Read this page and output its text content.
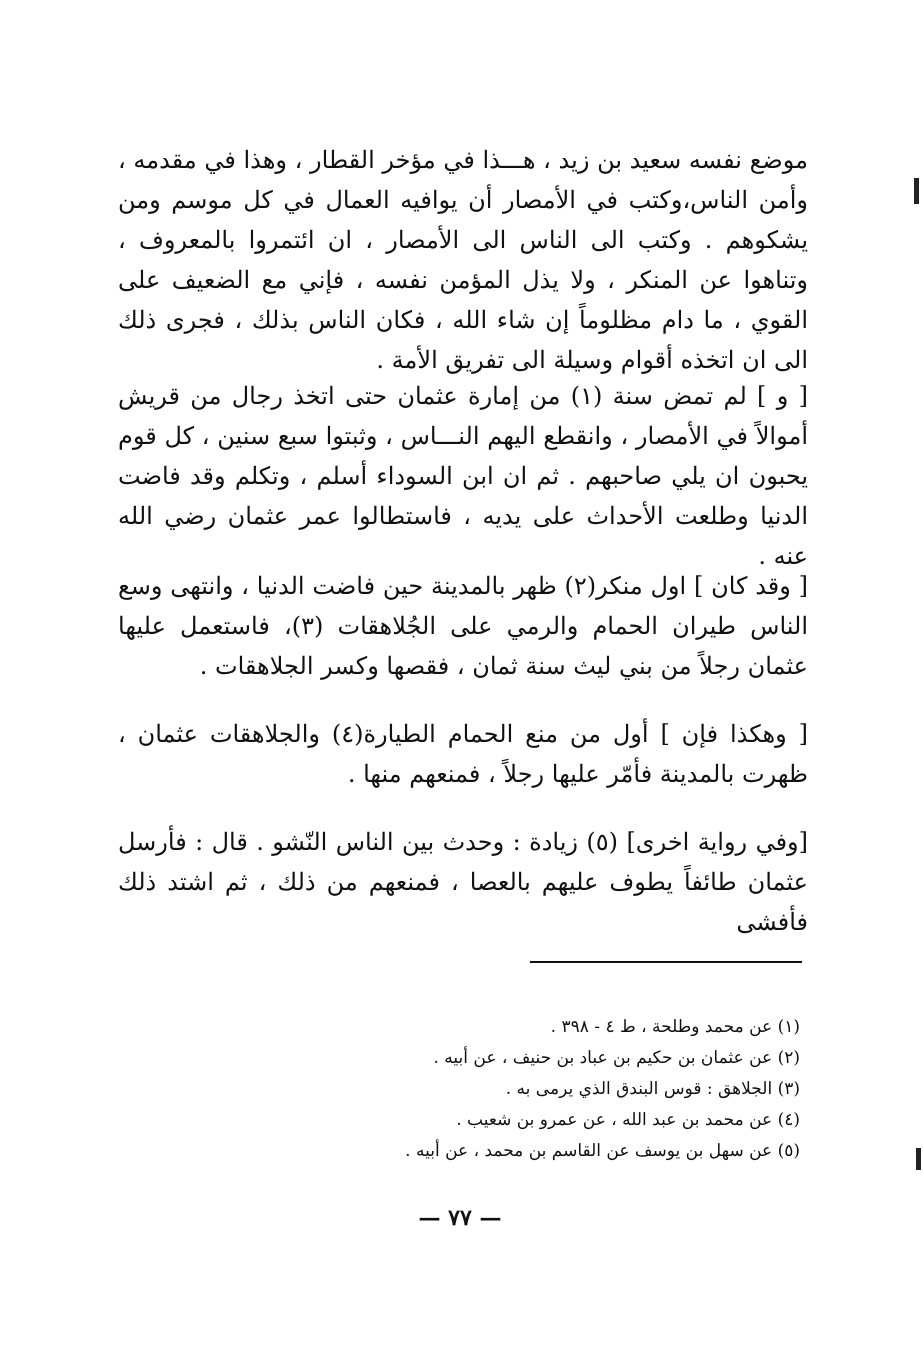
موضع نفسه سعيد بن زيد ، هـــذا في مؤخر القطار ، وهذا في مقدمه ، وأمن الناس،وكتب في الأمصار أن يوافيه العمال في كل موسم ومن يشكوهم . وكتب الى الناس الى الأمصار ، ان ائتمروا بالمعروف ، وتناهوا عن المنكر ، ولا يذل المؤمن نفسه ، فإني مع الضعيف على القوي ، ما دام مظلوماً إن شاء الله ، فكان الناس بذلك ، فجرى ذلك الى ان اتخذه أقوام وسيلة الى تفريق الأمة .
[ و ] لم تمض سنة (١) من إمارة عثمان حتى اتخذ رجال من قريش أموالاً في الأمصار ، وانقطع اليهم النـــاس ، وثبتوا سبع سنين ، كل قوم يحبون ان يلي صاحبهم . ثم ان ابن السوداء أسلم ، وتكلم وقد فاضت الدنيا وطلعت الأحداث على يديه ، فاستطالوا عمر عثمان رضي الله عنه .
[ وقد كان ] اول منكر(٢) ظهر بالمدينة حين فاضت الدنيا ، وانتهى وسع الناس طيران الحمام والرمي على الجُلاهقات (٣)، فاستعمل عليها عثمان رجلاً من بني ليث سنة ثمان ، فقصها وكسر الجلاهقات .
[ وهكذا فإن ] أول من منع الحمام الطيارة(٤) والجلاهقات عثمان ، ظهرت بالمدينة فأمّر عليها رجلاً ، فمنعهم منها .
[وفي رواية اخرى] (٥) زيادة : وحدث بين الناس النّشو . قال : فأرسل عثمان طائفاً يطوف عليهم بالعصا ، فمنعهم من ذلك ، ثم اشتد ذلك فأفشى
(١) عن محمد وطلحة ، ط ٤ - ٣٩٨ .
(٢) عن عثمان بن حكيم بن عباد بن حنيف ، عن أبيه .
(٣) الجلاهق : قوس البندق الذي يرمى به .
(٤) عن محمد بن عبد الله ، عن عمرو بن شعيب .
(٥) عن سهل بن يوسف عن القاسم بن محمد ، عن أبيه .
— ٧٧ —
